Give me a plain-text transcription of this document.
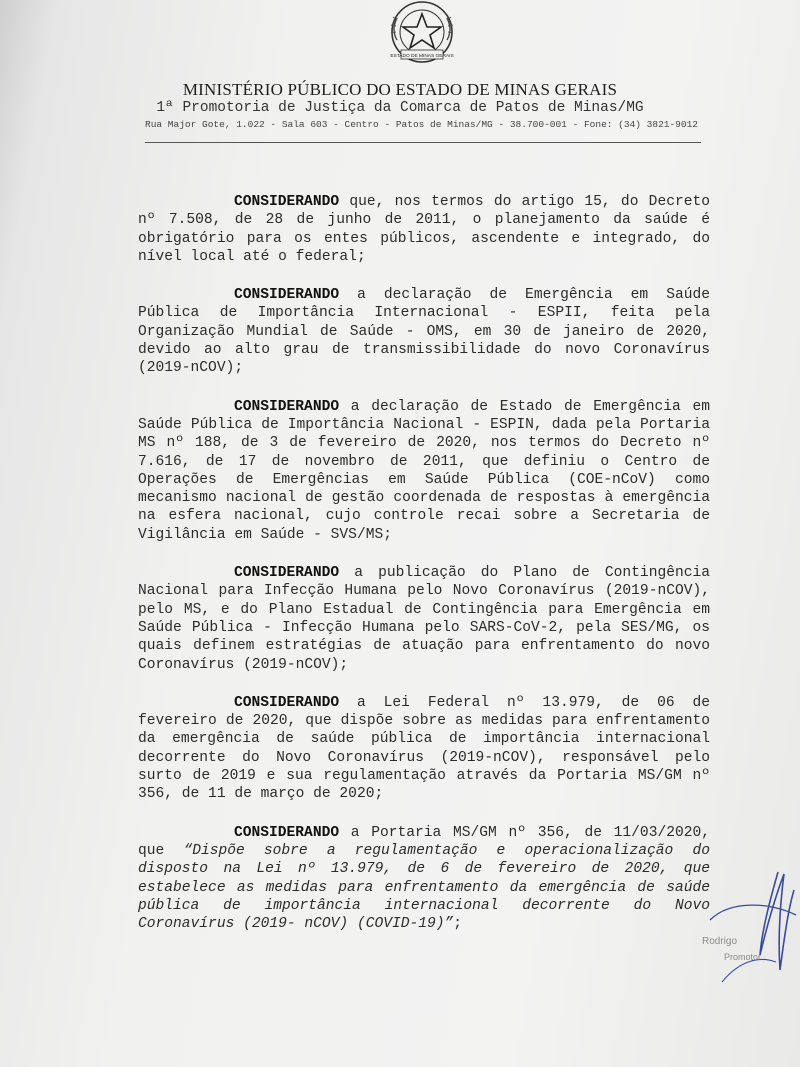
ESTADO DE MINAS GERAIS
MINISTÉRIO PÚBLICO DO ESTADO DE MINAS GERAIS
1ª Promotoria de Justiça da Comarca de Patos de Minas/MG
Rua Major Gote, 1.022 - Sala 603 - Centro - Patos de Minas/MG - 38.700-001 - Fone: (34) 3821-9012

CONSIDERANDO que, nos termos do artigo 15, do Decreto nº 7.508, de 28 de junho de 2011, o planejamento da saúde é obrigatório para os entes públicos, ascendente e integrado, do nível local até o federal;

CONSIDERANDO a declaração de Emergência em Saúde Pública de Importância Internacional - ESPII, feita pela Organização Mundial de Saúde - OMS, em 30 de janeiro de 2020, devido ao alto grau de transmissibilidade do novo Coronavírus (2019-nCOV);

CONSIDERANDO a declaração de Estado de Emergência em Saúde Pública de Importância Nacional - ESPIN, dada pela Portaria MS nº 188, de 3 de fevereiro de 2020, nos termos do Decreto nº 7.616, de 17 de novembro de 2011, que definiu o Centro de Operações de Emergências em Saúde Pública (COE-nCoV) como mecanismo nacional de gestão coordenada de respostas à emergência na esfera nacional, cujo controle recai sobre a Secretaria de Vigilância em Saúde - SVS/MS;

CONSIDERANDO a publicação do Plano de Contingência Nacional para Infecção Humana pelo Novo Coronavírus (2019-nCOV), pelo MS, e do Plano Estadual de Contingência para Emergência em Saúde Pública - Infecção Humana pelo SARS-CoV-2, pela SES/MG, os quais definem estratégias de atuação para enfrentamento do novo Coronavírus (2019-nCOV);

CONSIDERANDO a Lei Federal nº 13.979, de 06 de fevereiro de 2020, que dispõe sobre as medidas para enfrentamento da emergência de saúde pública de importância internacional decorrente do Novo Coronavírus (2019-nCOV), responsável pelo surto de 2019 e sua regulamentação através da Portaria MS/GM nº 356, de 11 de março de 2020;

CONSIDERANDO a Portaria MS/GM nº 356, de 11/03/2020, que “Dispõe sobre a regulamentação e operacionalização do disposto na Lei nº 13.979, de 6 de fevereiro de 2020, que estabelece as medidas para enfrentamento da emergência de saúde pública de importância internacional decorrente do Novo Coronavírus (2019- nCOV) (COVID-19)”;

Rodrigo
Promotor
